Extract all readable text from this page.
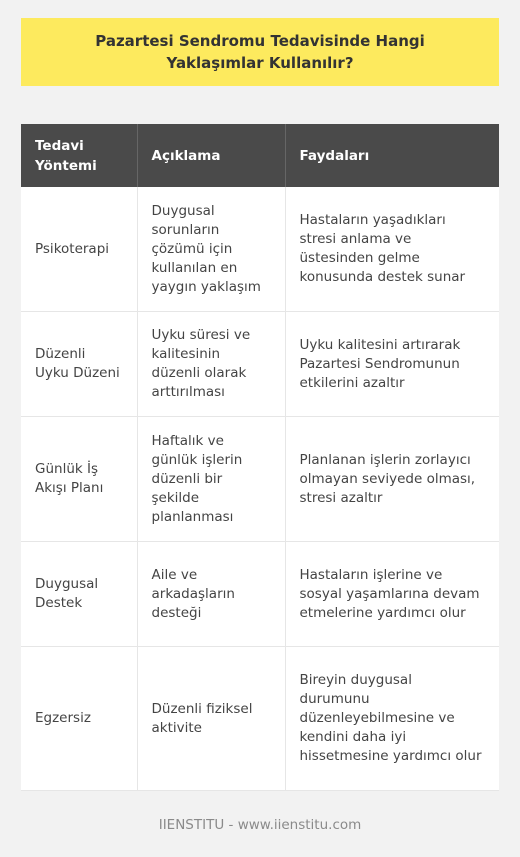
Pazartesi Sendromu Tedavisinde Hangi Yaklaşımlar Kullanılır?
Tedavi Yöntemi	Açıklama	Faydaları
Psikoterapi	Duygusal sorunların çözümü için kullanılan en yaygın yaklaşım	Hastaların yaşadıkları stresi anlama ve üstesinden gelme konusunda destek sunar
Düzenli Uyku Düzeni	Uyku süresi ve kalitesinin düzenli olarak arttırılması	Uyku kalitesini artırarak Pazartesi Sendromunun etkilerini azaltır
Günlük İş Akışı Planı	Haftalık ve günlük işlerin düzenli bir şekilde planlanması	Planlanan işlerin zorlayıcı olmayan seviyede olması, stresi azaltır
Duygusal Destek	Aile ve arkadaşların desteği	Hastaların işlerine ve sosyal yaşamlarına devam etmelerine yardımcı olur
Egzersiz	Düzenli fiziksel aktivite	Bireyin duygusal durumunu düzenleyebilmesine ve kendini daha iyi hissetmesine yardımcı olur
IIENSTITU - www.iienstitu.com
